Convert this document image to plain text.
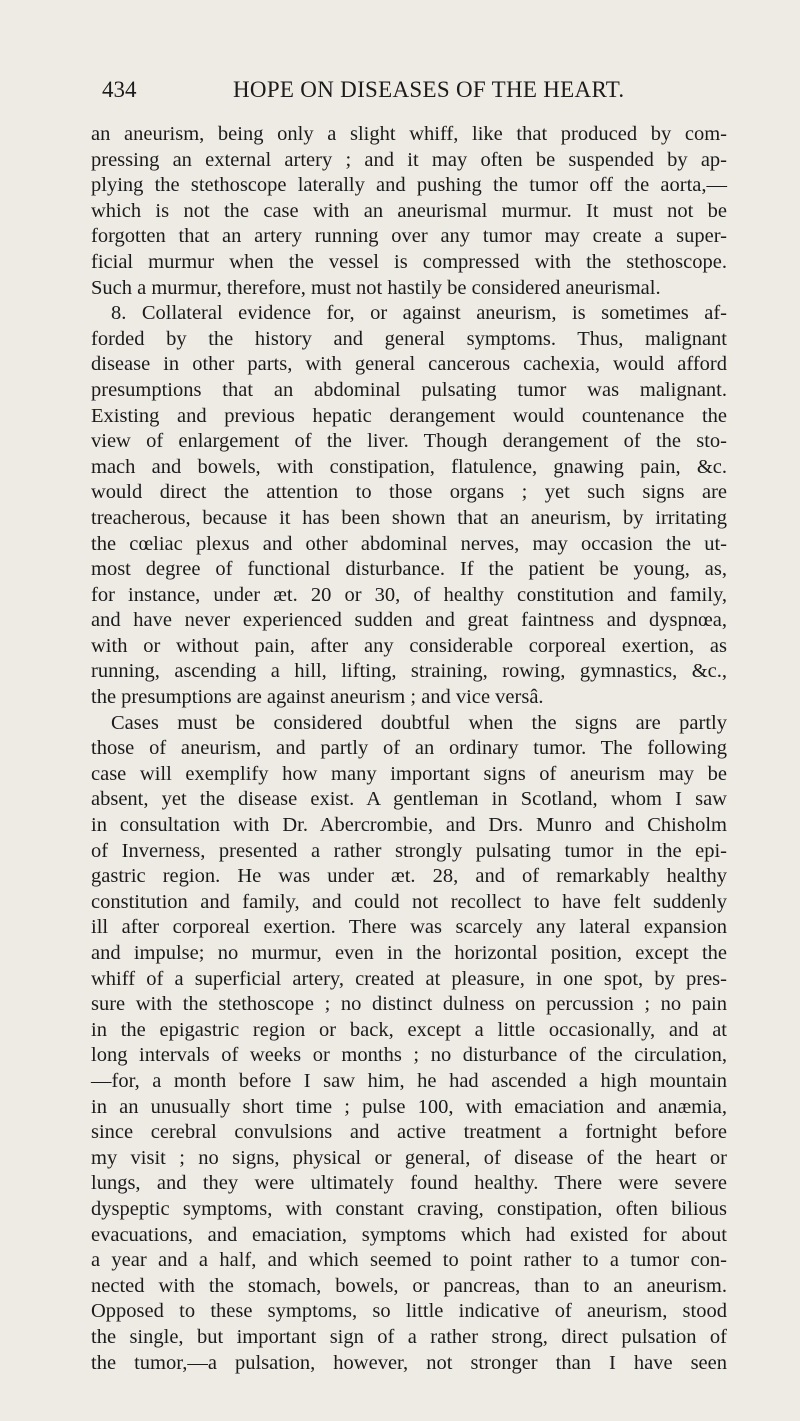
434	HOPE ON DISEASES OF THE HEART.
an aneurism, being only a slight whiff, like that produced by com-
pressing an external artery ; and it may often be suspended by ap-
plying the stethoscope laterally and pushing the tumor off the aorta,—
which is not the case with an aneurismal murmur. It must not be
forgotten that an artery running over any tumor may create a super-
ficial murmur when the vessel is compressed with the stethoscope.
Such a murmur, therefore, must not hastily be considered aneurismal.
8. Collateral evidence for, or against aneurism, is sometimes af-
forded by the history and general symptoms. Thus, malignant
disease in other parts, with general cancerous cachexia, would afford
presumptions that an abdominal pulsating tumor was malignant.
Existing and previous hepatic derangement would countenance the
view of enlargement of the liver. Though derangement of the sto-
mach and bowels, with constipation, flatulence, gnawing pain, &c.
would direct the attention to those organs ; yet such signs are
treacherous, because it has been shown that an aneurism, by irritating
the cœliac plexus and other abdominal nerves, may occasion the ut-
most degree of functional disturbance. If the patient be young, as,
for instance, under æt. 20 or 30, of healthy constitution and family,
and have never experienced sudden and great faintness and dyspnœa,
with or without pain, after any considerable corporeal exertion, as
running, ascending a hill, lifting, straining, rowing, gymnastics, &c.,
the presumptions are against aneurism ; and vice versâ.
Cases must be considered doubtful when the signs are partly
those of aneurism, and partly of an ordinary tumor. The following
case will exemplify how many important signs of aneurism may be
absent, yet the disease exist. A gentleman in Scotland, whom I saw
in consultation with Dr. Abercrombie, and Drs. Munro and Chisholm
of Inverness, presented a rather strongly pulsating tumor in the epi-
gastric region. He was under æt. 28, and of remarkably healthy
constitution and family, and could not recollect to have felt suddenly
ill after corporeal exertion. There was scarcely any lateral expansion
and impulse; no murmur, even in the horizontal position, except the
whiff of a superficial artery, created at pleasure, in one spot, by pres-
sure with the stethoscope ; no distinct dulness on percussion ; no pain
in the epigastric region or back, except a little occasionally, and at
long intervals of weeks or months ; no disturbance of the circulation,
—for, a month before I saw him, he had ascended a high mountain
in an unusually short time ; pulse 100, with emaciation and anæmia,
since cerebral convulsions and active treatment a fortnight before
my visit ; no signs, physical or general, of disease of the heart or
lungs, and they were ultimately found healthy. There were severe
dyspeptic symptoms, with constant craving, constipation, often bilious
evacuations, and emaciation, symptoms which had existed for about
a year and a half, and which seemed to point rather to a tumor con-
nected with the stomach, bowels, or pancreas, than to an aneurism.
Opposed to these symptoms, so little indicative of aneurism, stood
the single, but important sign of a rather strong, direct pulsation of
the tumor,—a pulsation, however, not stronger than I have seen
